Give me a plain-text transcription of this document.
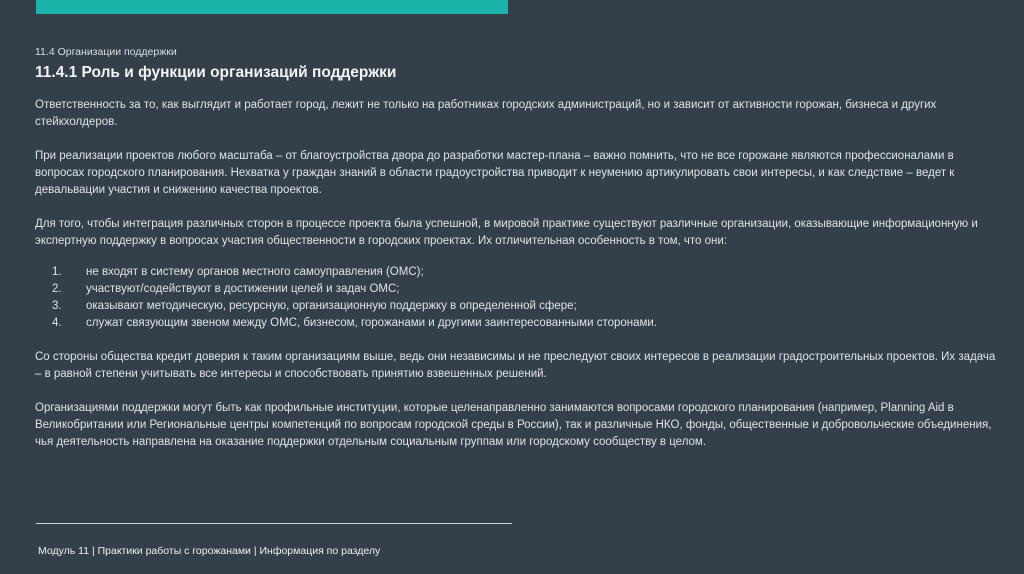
11.4 Организации поддержки

11.4.1 Роль и функции организаций поддержки

Ответственность за то, как выглядит и работает город, лежит не только на работниках городских администраций, но и зависит от активности горожан, бизнеса и других стейкхолдеров.

При реализации проектов любого масштаба – от благоустройства двора до разработки мастер-плана – важно помнить, что не все горожане являются профессионалами в вопросах городского планирования. Нехватка у граждан знаний в области градоустройства приводит к неумению артикулировать свои интересы, и как следствие – ведет к девальвации участия и снижению качества проектов.

Для того, чтобы интеграция различных сторон в процессе проекта была успешной, в мировой практике существуют различные организации, оказывающие информационную и экспертную поддержку в вопросах участия общественности в городских проектах. Их отличительная особенность в том, что они:

1.	не входят в систему органов местного самоуправления (ОМС);
2.	участвуют/содействуют в достижении целей и задач ОМС;
3.	оказывают методическую, ресурсную, организационную поддержку в определенной сфере;
4.	служат связующим звеном между ОМС, бизнесом, горожанами и другими заинтересованными сторонами.

Со стороны общества кредит доверия к таким организациям выше, ведь они независимы и не преследуют своих интересов в реализации градостроительных проектов. Их задача – в равной степени учитывать все интересы и способствовать принятию взвешенных решений.

Организациями поддержки могут быть как профильные институции, которые целенаправленно занимаются вопросами городского планирования (например, Planning Aid в Великобритании или Региональные центры компетенций по вопросам городской среды в России), так и различные НКО, фонды, общественные и добровольческие объединения, чья деятельность направлена на оказание поддержки отдельным социальным группам или городскому сообществу в целом.

Модуль 11 | Практики работы с горожанами | Информация по разделу
